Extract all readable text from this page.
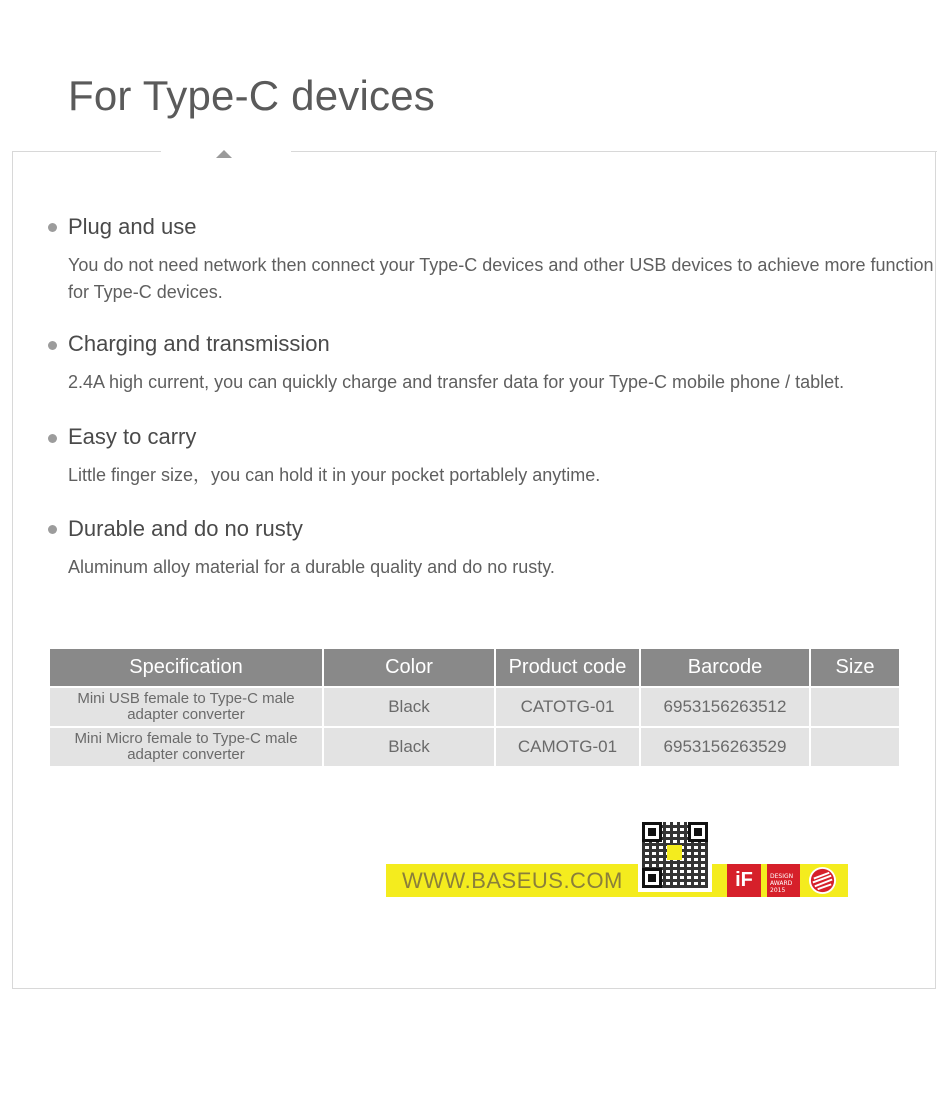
For Type-C devices
Plug and use
You do not need network then connect your Type-C devices and other USB devices to achieve more function for Type-C devices.
Charging and transmission
2.4A high current, you can quickly charge and transfer data for your Type-C mobile phone / tablet.
Easy to carry
Little finger size，you can hold it in your pocket portablely anytime.
Durable and do no rusty
Aluminum alloy material for a durable quality and do no rusty.
Specification	Color	Product code	Barcode	Size
Mini USB female to Type-C male adapter converter	Black	CATOTG-01	6953156263512	
Mini Micro female to Type-C male adapter converter	Black	CAMOTG-01	6953156263529	
WWW.BASEUS.COM	iF	DESIGN AWARD 2015
